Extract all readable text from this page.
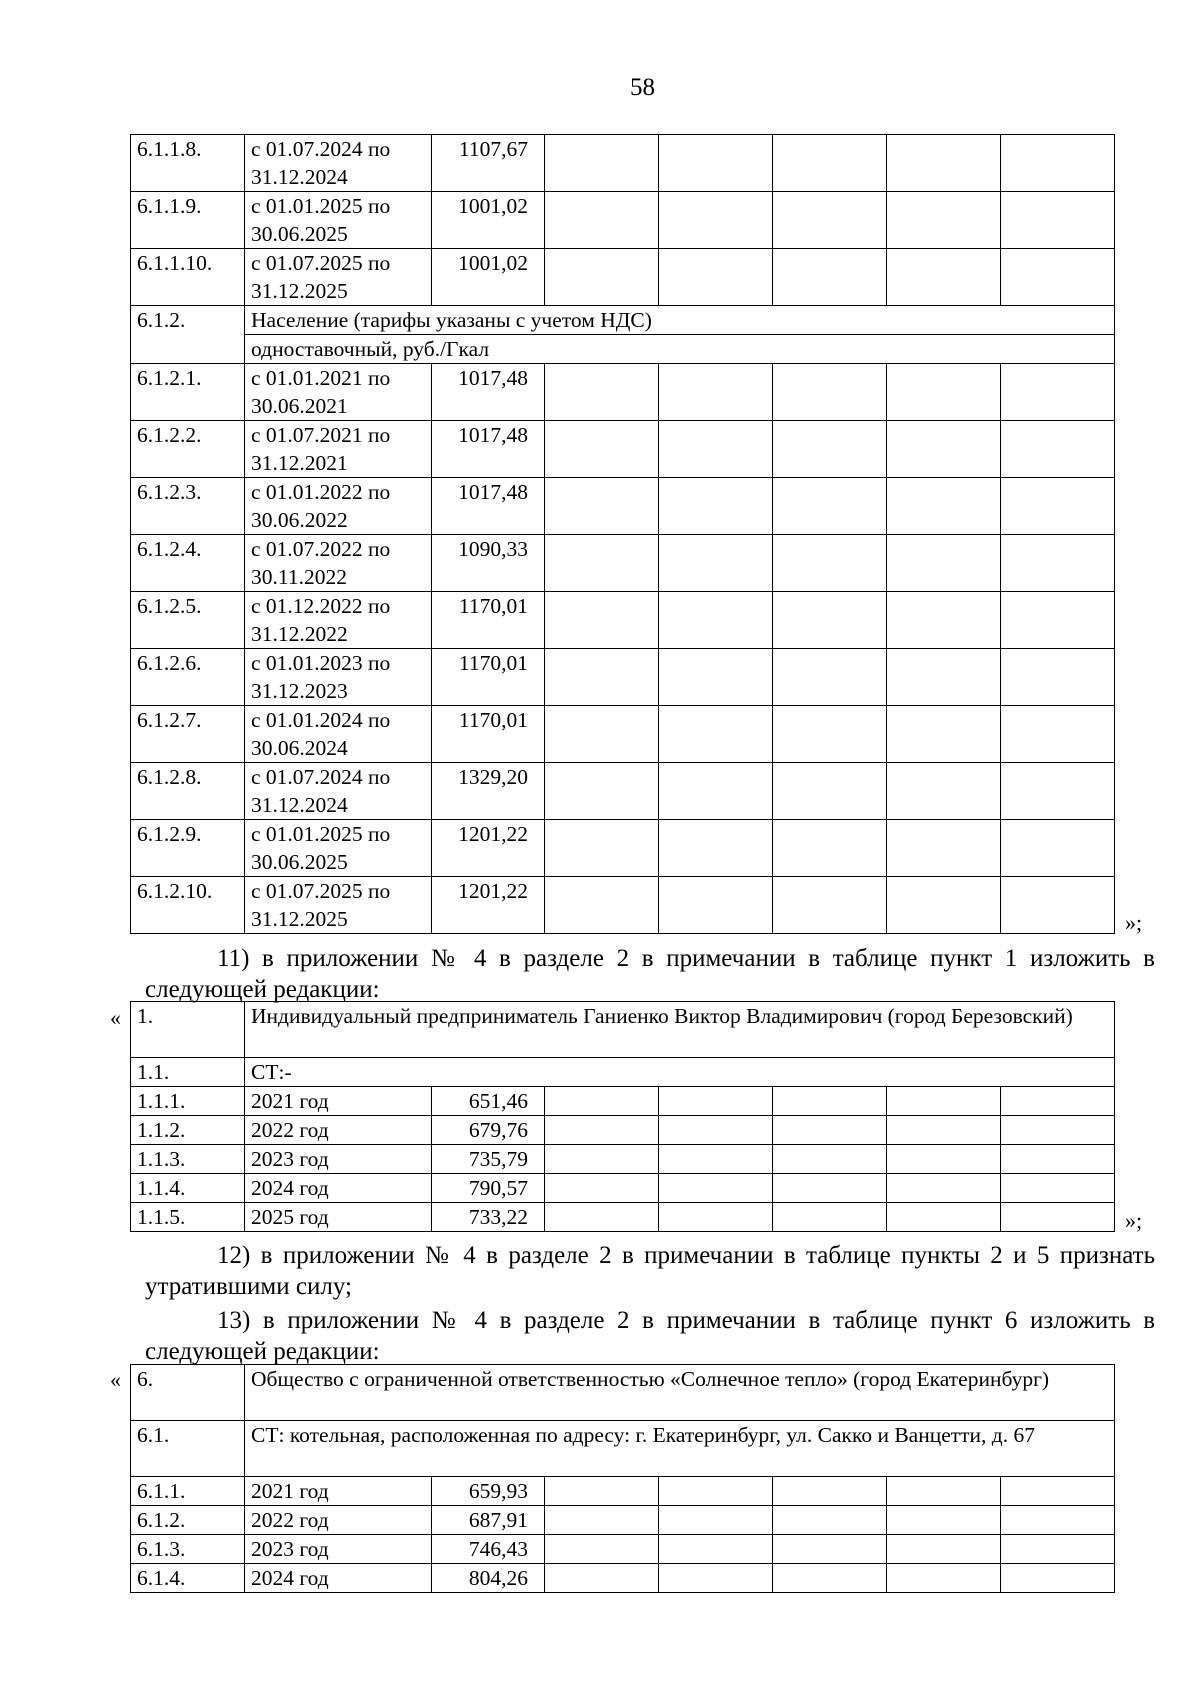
58
6.1.1.8.	с 01.07.2024 по 31.12.2024	1107,67					
6.1.1.9.	с 01.01.2025 по 30.06.2025	1001,02					
6.1.1.10.	с 01.07.2025 по 31.12.2025	1001,02					
6.1.2.	Население (тарифы указаны с учетом НДС)						
	одноставочный, руб./Гкал						
6.1.2.1.	с 01.01.2021 по 30.06.2021	1017,48					
6.1.2.2.	с 01.07.2021 по 31.12.2021	1017,48					
6.1.2.3.	с 01.01.2022 по 30.06.2022	1017,48					
6.1.2.4.	с 01.07.2022 по 30.11.2022	1090,33					
6.1.2.5.	с 01.12.2022 по 31.12.2022	1170,01					
6.1.2.6.	с 01.01.2023 по 31.12.2023	1170,01					
6.1.2.7.	с 01.01.2024 по 30.06.2024	1170,01					
6.1.2.8.	с 01.07.2024 по 31.12.2024	1329,20					
6.1.2.9.	с 01.01.2025 по 30.06.2025	1201,22					
6.1.2.10.	с 01.07.2025 по 31.12.2025	1201,22					
»;
11) в приложении № 4 в разделе 2 в примечании в таблице пункт 1 изложить в следующей редакции:
« 1.	Индивидуальный предприниматель Ганиенко Виктор Владимирович (город Березовский)						
1.1.	СТ:-						
1.1.1.	2021 год	651,46					
1.1.2.	2022 год	679,76					
1.1.3.	2023 год	735,79					
1.1.4.	2024 год	790,57					
1.1.5.	2025 год	733,22						»;
12) в приложении № 4 в разделе 2 в примечании в таблице пункты 2 и 5 признать утратившими силу;
13) в приложении № 4 в разделе 2 в примечании в таблице пункт 6 изложить в следующей редакции:
« 6.	Общество с ограниченной ответственностью «Солнечное тепло» (город Екатеринбург)						
6.1.	СТ: котельная, расположенная по адресу: г. Екатеринбург, ул. Сакко и Ванцетти, д. 67						
6.1.1.	2021 год	659,93					
6.1.2.	2022 год	687,91					
6.1.3.	2023 год	746,43					
6.1.4.	2024 год	804,26					
